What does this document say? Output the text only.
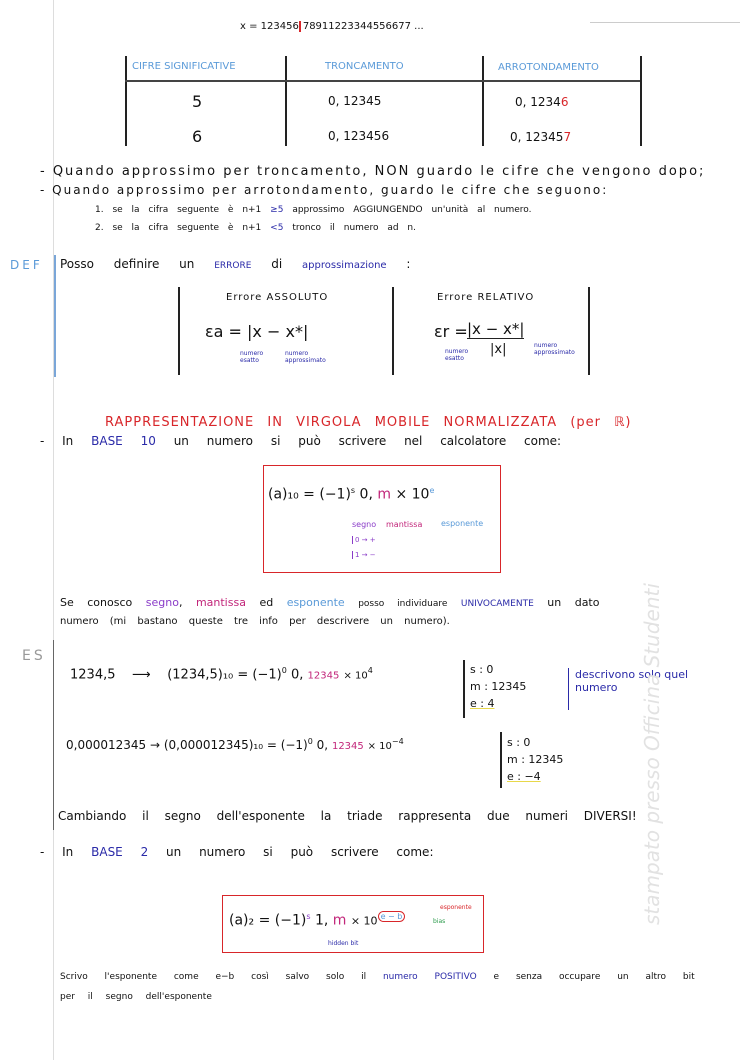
x = 123456 78911223344556677 ...
CIFRE SIGNIFICATIVE	TRONCAMENTO	ARROTONDAMENTO
5	0, 12345	0, 12346
6	0, 123456	0, 123457
- Quando approssimo per troncamento, NON guardo le cifre che vengono dopo;
- Quando approssimo per arrotondamento, guardo le cifre che seguono:
1. se la cifra seguente è n+1 ≥5 approssimo AGGIUNGENDO un'unità al numero.
2. se la cifra seguente è n+1 <5 tronco il numero ad n.
DEF Posso definire un ERRORE di approssimazione :
Errore ASSOLUTO
εa = |x − x*|
numero esatto
numero approssimato
Errore RELATIVO
εr = |x − x*|
|x|
numero esatto
numero approssimato
RAPPRESENTAZIONE IN VIRGOLA MOBILE NORMALIZZATA (per ℝ)
- In BASE 10 un numero si può scrivere nel calcolatore come:
$(a)_{10} = (-1)^s$ 0, $m \times 10^e$
segno mantissa esponente
0 → +
1 → −
Se conosco segno, mantissa ed esponente posso individuare UNIVOCAMENTE un dato
numero (mi bastano queste tre info per descrivere un numero).
ES
1234,5    ⟶    $(1234,5)_{10} = (-1)^0$ 0, $12345 \times 10^4$	s : 0
m : 12345
e : 4
descrivono solo quel numero
$0,000012345 \to (0,000012345)_{10} = (-1)^0$ 0, $12345 \times 10^{-4}$	s : 0
m : 12345
e : −4
Cambiando il segno dell'esponente la triade rappresenta due numeri DIVERSI!
- In BASE 2 un numero si può scrivere come:
$(a)_2 = (-1)^s$ 1, m × 10 $^{e - b}$
esponente
bias
hidden bit
Scrivo l'esponente come e−b così salvo solo il numero POSITIVO e senza occupare un altro bit
per il segno dell'esponente
stampato presso Officina Studenti
